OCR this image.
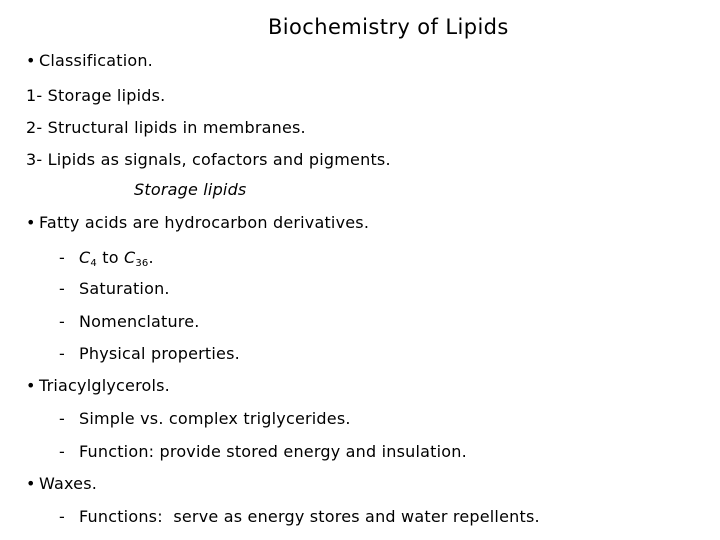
Biochemistry of Lipids
• Classification.
1- Storage lipids.
2- Structural lipids in membranes.
3- Lipids as signals, cofactors and pigments.
Storage lipids
• Fatty acids are hydrocarbon derivatives.
- $C_4$ to $C_{36}$.
- Saturation.
- Nomenclature.
- Physical properties.
• Triacylglycerols.
- Simple vs. complex triglycerides.
- Function: provide stored energy and insulation.
• Waxes.
- Functions:  serve as energy stores and water repellents.
